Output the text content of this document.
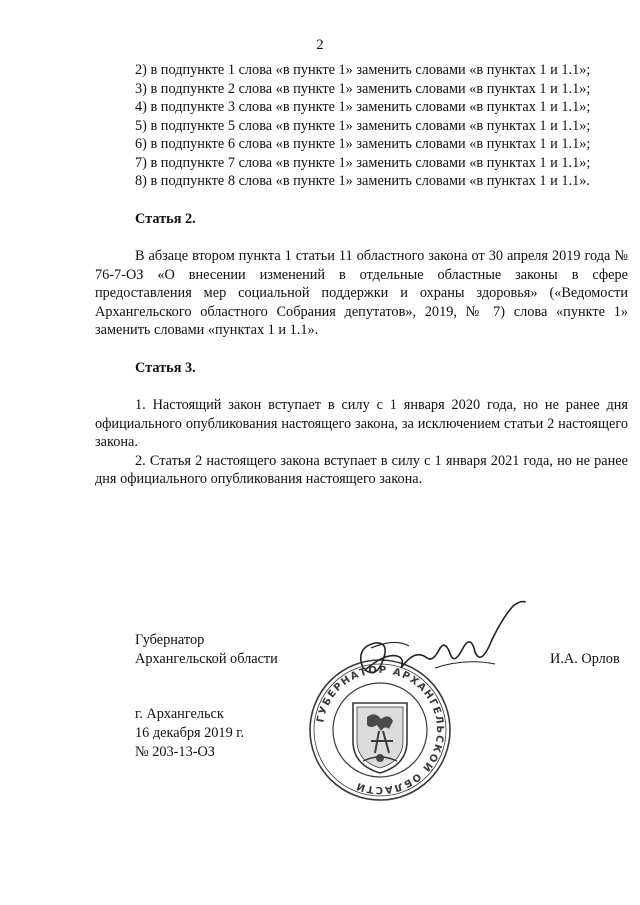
2

2) в подпункте 1 слова «в пункте 1» заменить словами «в пунктах 1 и 1.1»;

3) в подпункте 2 слова «в пункте 1» заменить словами «в пунктах 1 и 1.1»;

4) в подпункте 3 слова «в пункте 1» заменить словами «в пунктах 1 и 1.1»;

5) в подпункте 5 слова «в пункте 1» заменить словами «в пунктах 1 и 1.1»;

6) в подпункте 6 слова «в пункте 1» заменить словами «в пунктах 1 и 1.1»;

7) в подпункте 7 слова «в пункте 1» заменить словами «в пунктах 1 и 1.1»;

8) в подпункте 8 слова «в пункте 1» заменить словами «в пунктах 1 и 1.1».

Статья 2.

В абзаце втором пункта 1 статьи 11 областного закона от 30 апреля 2019 года № 76-7-ОЗ «О внесении изменений в отдельные областные законы в сфере предоставления мер социальной поддержки и охраны здоровья» («Ведомости Архангельского областного Собрания депутатов», 2019, № 7) слова «пункте 1» заменить словами «пунктах 1 и 1.1».

Статья 3.

1. Настоящий закон вступает в силу с 1 января 2020 года, но не ранее дня официального опубликования настоящего закона, за исключением статьи 2 настоящего закона.

2. Статья 2 настоящего закона вступает в силу с 1 января 2021 года, но не ранее дня официального опубликования настоящего закона.

Губернатор
Архангельской области	И.А. Орлов
г. Архангельск
16 декабря 2019 г.
№ 203-13-ОЗ
ГУБЕРНАТОР АРХАНГЕЛЬСКОЙ ОБЛАСТИ
